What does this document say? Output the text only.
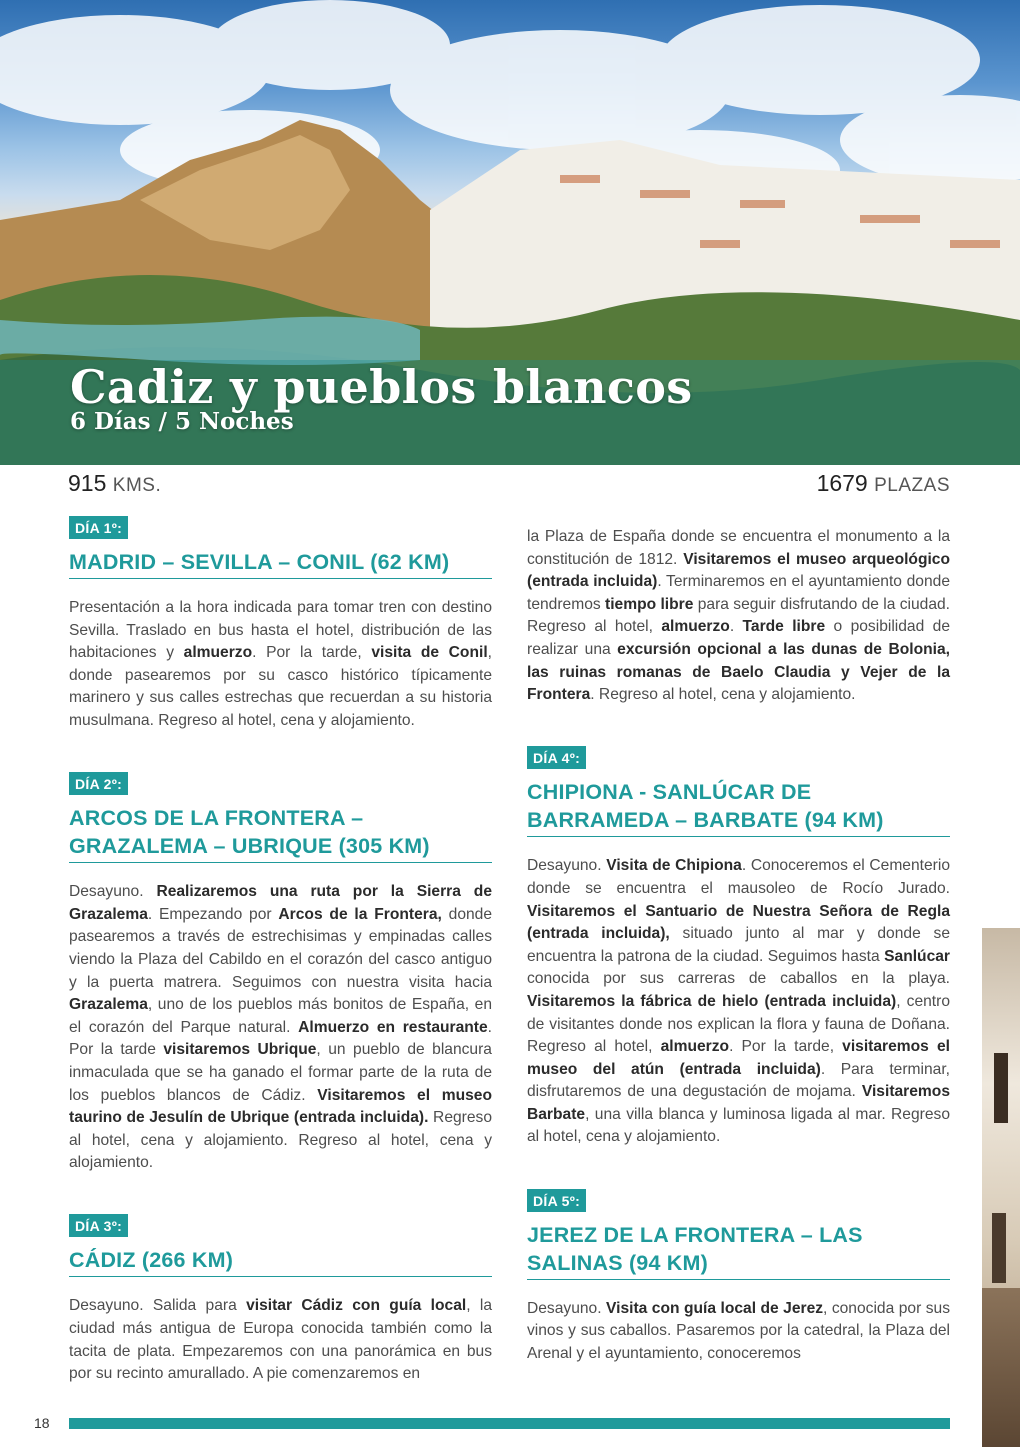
Cadiz y pueblos blancos
6 Días / 5 Noches
915 KMS.	1679 PLAZAS
DÍA 1º:
MADRID – SEVILLA – CONIL (62 KM)

Presentación a la hora indicada para tomar tren con destino Sevilla. Traslado en bus hasta el hotel, distribución de las habitaciones y almuerzo. Por la tarde, visita de Conil, donde pasearemos por su casco histórico típicamente marinero y sus calles estrechas que recuerdan a su historia musulmana. Regreso al hotel, cena y alojamiento.

DÍA 2º:
ARCOS DE LA FRONTERA – GRAZALEMA – UBRIQUE (305 KM)

Desayuno. Realizaremos una ruta por la Sierra de Grazalema. Empezando por Arcos de la Frontera, donde pasearemos a través de estrechisimas y empinadas calles viendo la Plaza del Cabildo en el corazón del casco antiguo y la puerta matrera. Seguimos con nuestra visita hacia Grazalema, uno de los pueblos más bonitos de España, en el corazón del Parque natural. Almuerzo en restaurante. Por la tarde visitaremos Ubrique, un pueblo de blancura inmaculada que se ha ganado el formar parte de la ruta de los pueblos blancos de Cádiz. Visitaremos el museo taurino de Jesulín de Ubrique (entrada incluida). Regreso al hotel, cena y alojamiento. Regreso al hotel, cena y alojamiento.

DÍA 3º:
CÁDIZ (266 KM)

Desayuno. Salida para visitar Cádiz con guía local, la ciudad más antigua de Europa conocida también como la tacita de plata. Empezaremos con una panorámica en bus por su recinto amurallado. A pie comenzaremos en

la Plaza de España donde se encuentra el monumento a la constitución de 1812. Visitaremos el museo arqueológico (entrada incluida). Terminaremos en el ayuntamiento donde tendremos tiempo libre para seguir disfrutando de la ciudad. Regreso al hotel, almuerzo. Tarde libre o posibilidad de realizar una excursión opcional a las dunas de Bolonia, las ruinas romanas de Baelo Claudia y Vejer de la Frontera. Regreso al hotel, cena y alojamiento.

DÍA 4º:
CHIPIONA - SANLÚCAR DE BARRAMEDA – BARBATE (94 KM)

Desayuno. Visita de Chipiona. Conoceremos el Cementerio donde se encuentra el mausoleo de Rocío Jurado. Visitaremos el Santuario de Nuestra Señora de Regla (entrada incluida), situado junto al mar y donde se encuentra la patrona de la ciudad. Seguimos hasta Sanlúcar conocida por sus carreras de caballos en la playa. Visitaremos la fábrica de hielo (entrada incluida), centro de visitantes donde nos explican la flora y fauna de Doñana. Regreso al hotel, almuerzo. Por la tarde, visitaremos el museo del atún (entrada incluida). Para terminar, disfrutaremos de una degustación de mojama. Visitaremos Barbate, una villa blanca y luminosa ligada al mar. Regreso al hotel, cena y alojamiento.

DÍA 5º:
JEREZ DE LA FRONTERA – LAS SALINAS (94 KM)

Desayuno. Visita con guía local de Jerez, conocida por sus vinos y sus caballos. Pasaremos por la catedral, la Plaza del Arenal y el ayuntamiento, conoceremos

18
